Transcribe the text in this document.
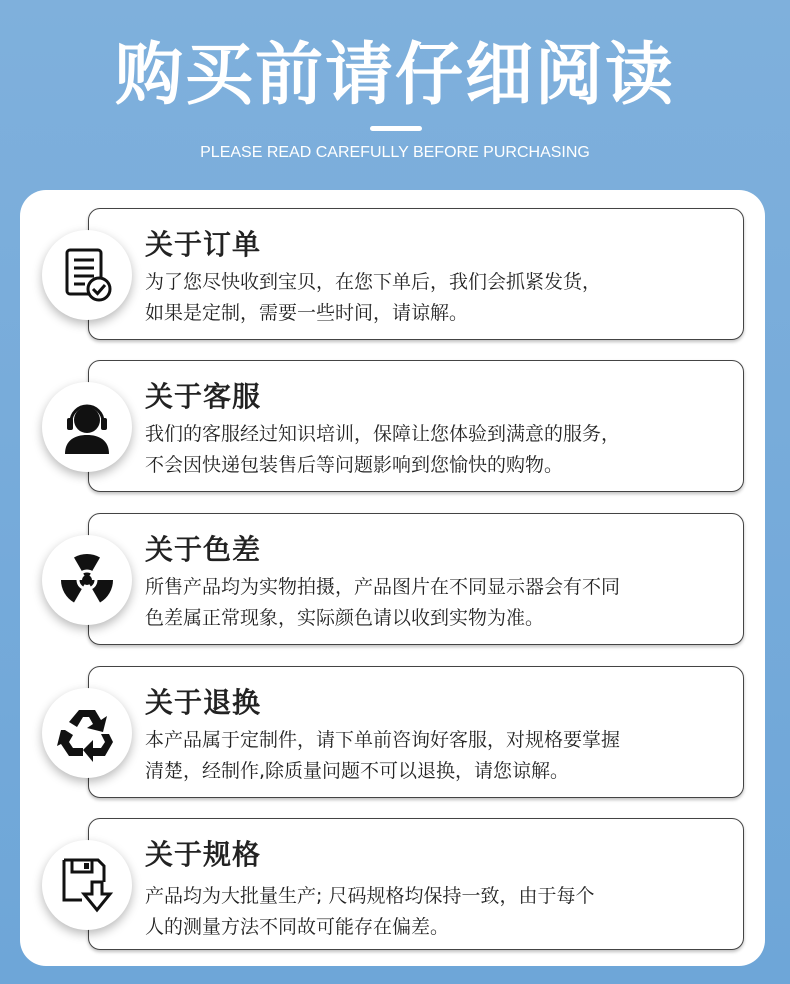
购买前请仔细阅读
PLEASE READ CAREFULLY BEFORE PURCHASING
关于订单
为了您尽快收到宝贝，在您下单后，我们会抓紧发货，
如果是定制，需要一些时间，请谅解。
关于客服
我们的客服经过知识培训，保障让您体验到满意的服务，
不会因快递包装售后等问题影响到您愉快的购物。
关于色差
所售产品均为实物拍摄，产品图片在不同显示器会有不同
色差属正常现象，实际颜色请以收到实物为准。
关于退换
本产品属于定制件，请下单前咨询好客服，对规格要掌握
清楚，经制作,除质量问题不可以退换，请您谅解。
关于规格
产品均为大批量生产; 尺码规格均保持一致，由于每个
人的测量方法不同故可能存在偏差。
